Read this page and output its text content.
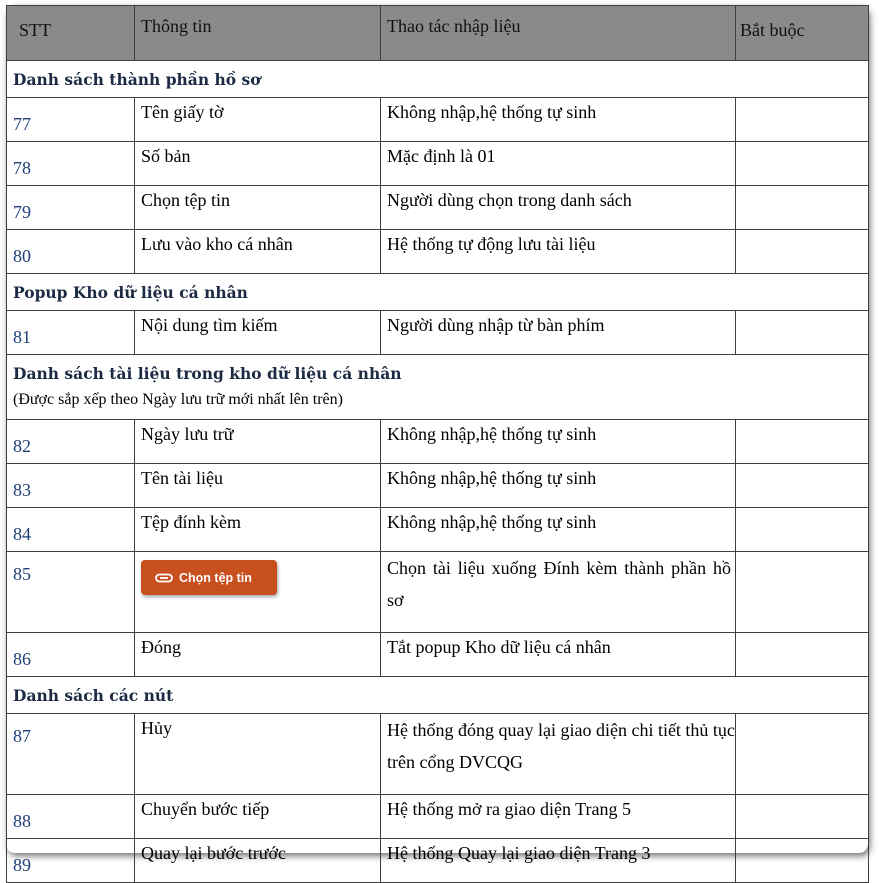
STT	Thông tin	Thao tác nhập liệu	Bắt buộc
Danh sách thành phần hồ sơ			
77	Tên giấy tờ	Không nhập,hệ thống tự sinh	
78	Số bản	Mặc định là 01	
79	Chọn tệp tin	Người dùng chọn trong danh sách	
80	Lưu vào kho cá nhân	Hệ thống tự động lưu tài liệu	
Popup Kho dữ liệu cá nhân			
81	Nội dung tìm kiếm	Người dùng nhập từ bàn phím	
Danh sách tài liệu trong kho dữ liệu cá nhân			
(Được sắp xếp theo Ngày lưu trữ mới nhất lên trên)			
82	Ngày lưu trữ	Không nhập,hệ thống tự sinh	
83	Tên tài liệu	Không nhập,hệ thống tự sinh	
84	Tệp đính kèm	Không nhập,hệ thống tự sinh	
85	Chọn tệp tin	Chọn tài liệu xuống Đính kèm thành phần hồ sơ	
86	Đóng	Tắt popup Kho dữ liệu cá nhân	
Danh sách các nút			
87	Hủy	Hệ thống đóng quay lại giao diện chi tiết thủ tục trên cổng DVCQG	
88	Chuyển bước tiếp	Hệ thống mở ra giao diện Trang 5	
89	Quay lại bước trước	Hệ thống Quay lại giao diện Trang 3	
